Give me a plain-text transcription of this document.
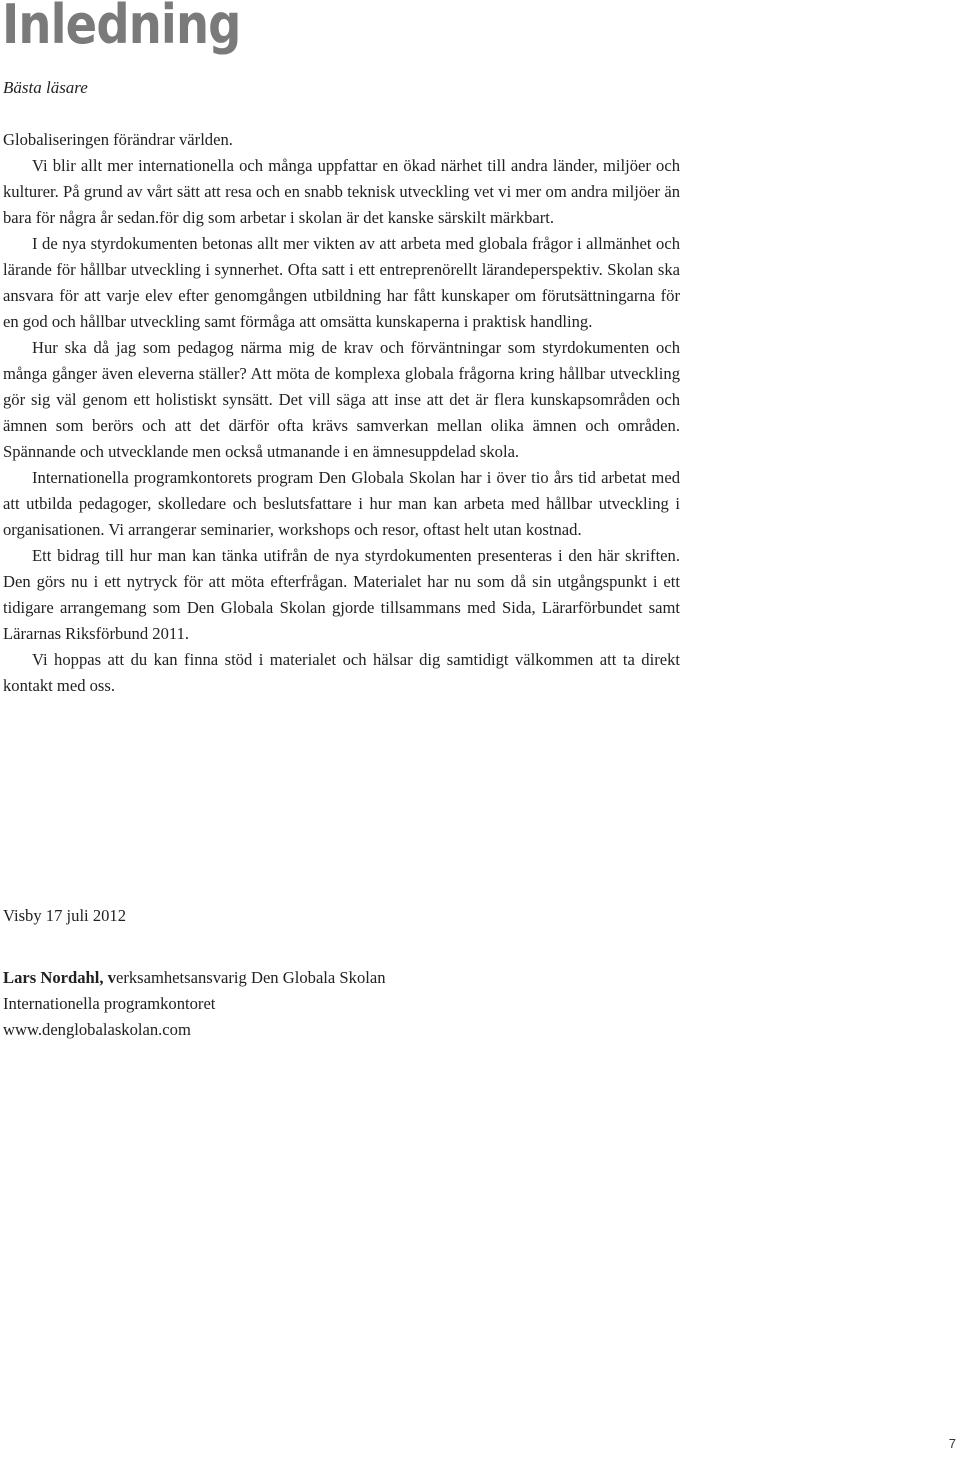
Inledning
Bästa läsare

Globaliseringen förändrar världen.

Vi blir allt mer internationella och många uppfattar en ökad närhet till andra länder, miljöer och kulturer. På grund av vårt sätt att resa och en snabb teknisk utveckling vet vi mer om andra miljöer än bara för några år sedan.för dig som arbetar i skolan är det kanske särskilt märkbart.

I de nya styrdokumenten betonas allt mer vikten av att arbeta med globala frågor i allmänhet och lärande för hållbar utveckling i synnerhet. Ofta satt i ett entreprenörellt lärandeperspektiv. Skolan ska ansvara för att varje elev efter genomgången utbildning har fått kunskaper om förutsättningarna för en god och hållbar utveckling samt förmåga att omsätta kunskaperna i praktisk handling.

Hur ska då jag som pedagog närma mig de krav och förväntningar som styrdokumenten och många gånger även eleverna ställer? Att möta de komplexa globala frågorna kring hållbar utveckling gör sig väl genom ett holistiskt synsätt. Det vill säga att inse att det är flera kunskapsområden och ämnen som berörs och att det därför ofta krävs samverkan mellan olika ämnen och områden. Spännande och utvecklande men också utmanande i en ämnesuppdelad skola.

Internationella programkontorets program Den Globala Skolan har i över tio års tid arbetat med att utbilda pedagoger, skolledare och beslutsfattare i hur man kan arbeta med hållbar utveckling i organisationen. Vi arrangerar seminarier, workshops och resor, oftast helt utan kostnad.

Ett bidrag till hur man kan tänka utifrån de nya styrdokumenten presenteras i den här skriften. Den görs nu i ett nytryck för att möta efterfrågan. Materialet har nu som då sin utgångspunkt i ett tidigare arrangemang som Den Globala Skolan gjorde tillsammans med Sida, Lärarförbundet samt Lärarnas Riksförbund 2011.

Vi hoppas att du kan finna stöd i materialet och hälsar dig samtidigt välkommen att ta direkt kontakt med oss.

Visby 17 juli 2012
Lars Nordahl, verksamhetsansvarig Den Globala Skolan
Internationella programkontoret
www.denglobalaskolan.com
7
